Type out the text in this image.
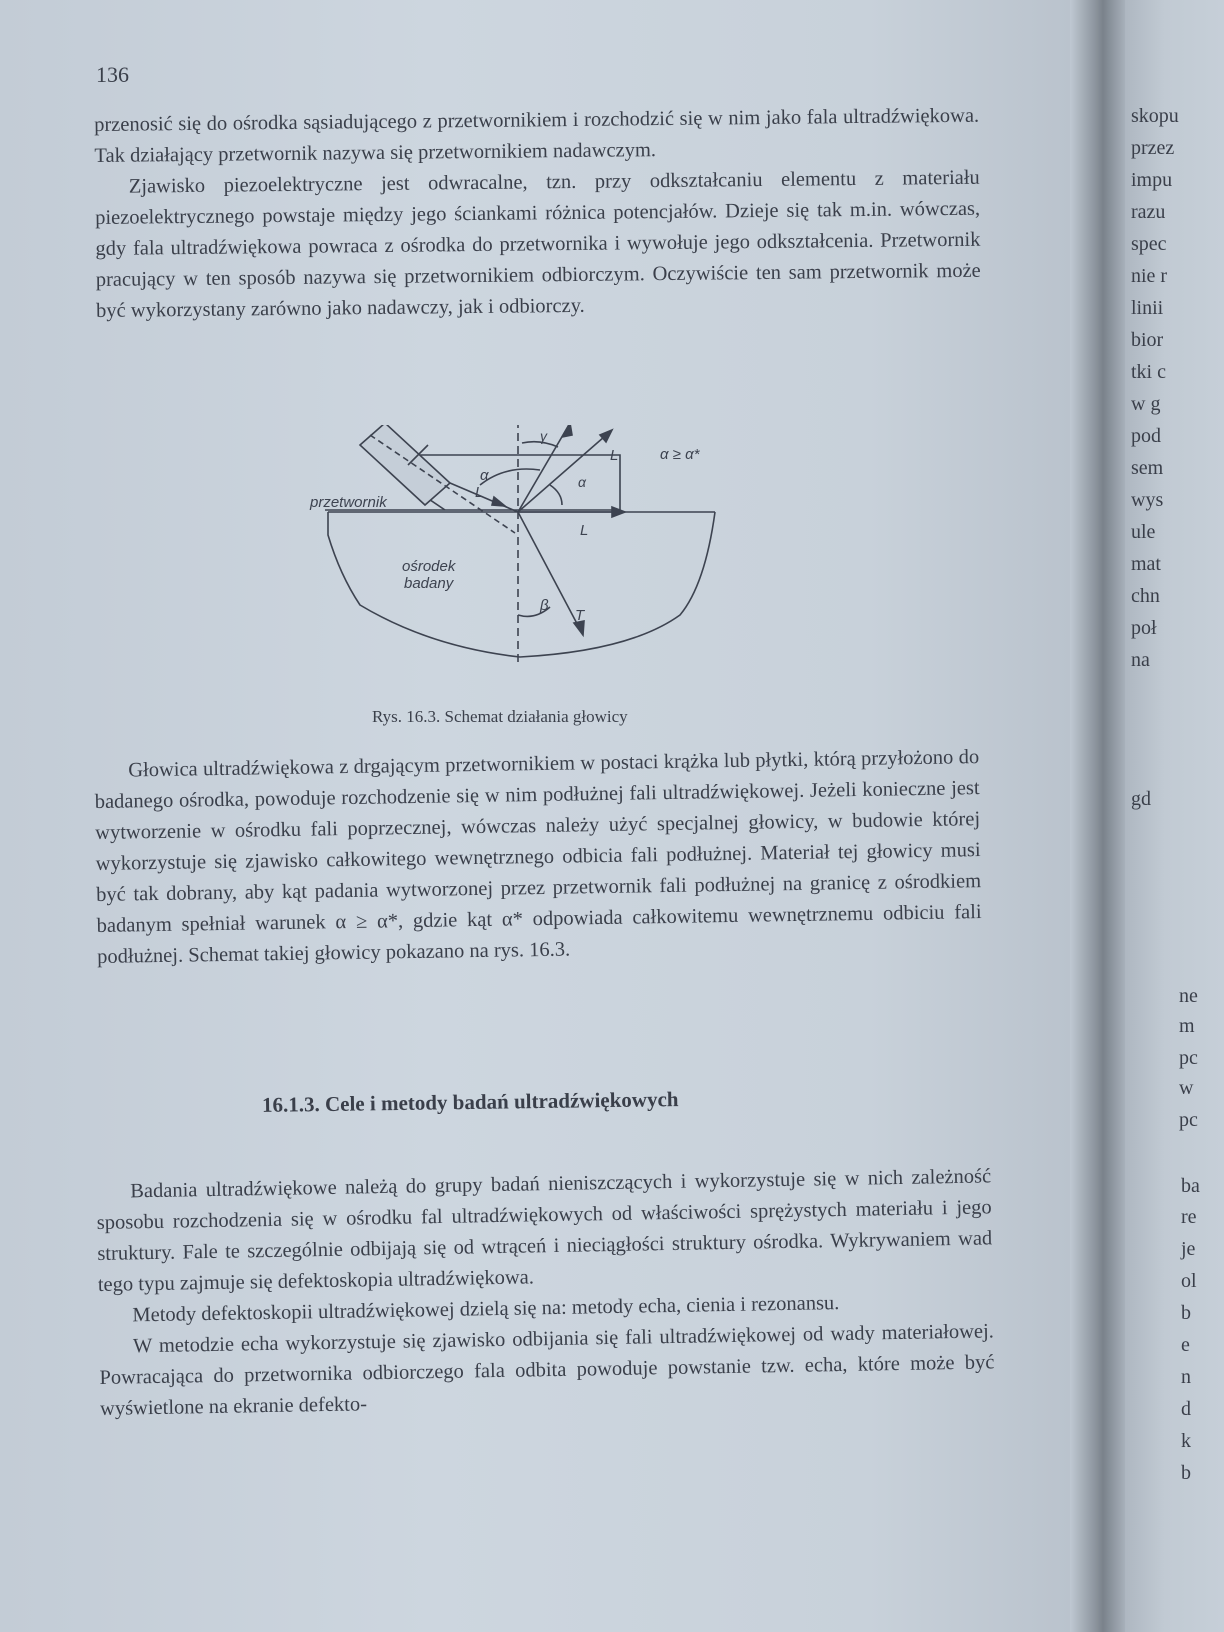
136

przenosić się do ośrodka sąsiadującego z przetwornikiem i rozchodzić się w nim jako fala ultradźwiękowa. Tak działający przetwornik nazywa się przetwornikiem nadawczym.

Zjawisko piezoelektryczne jest odwracalne, tzn. przy odkształcaniu elementu z materiału piezoelektrycznego powstaje między jego ściankami różnica potencjałów. Dzieje się tak m.in. wówczas, gdy fala ultradźwiękowa powraca z ośrodka do przetwornika i wywołuje jego odkształcenia. Przetwornik pracujący w ten sposób nazywa się przetwornikiem odbiorczym. Oczywiście ten sam przetwornik może być wykorzystany zarówno jako nadawczy, jak i odbiorczy.

przetwornik
ośrodek
badany
α ≥ α*
α
γ
β
α
L
L
L
T
Rys. 16.3. Schemat działania głowicy

Głowica ultradźwiękowa z drgającym przetwornikiem w postaci krążka lub płytki, którą przyłożono do badanego ośrodka, powoduje rozchodzenie się w nim podłużnej fali ultradźwiękowej. Jeżeli konieczne jest wytworzenie w ośrodku fali poprzecznej, wówczas należy użyć specjalnej głowicy, w budowie której wykorzystuje się zjawisko całkowitego wewnętrznego odbicia fali podłużnej. Materiał tej głowicy musi być tak dobrany, aby kąt padania wytworzonej przez przetwornik fali podłużnej na granicę z ośrodkiem badanym spełniał warunek α ≥ α*, gdzie kąt α* odpowiada całkowitemu wewnętrznemu odbiciu fali podłużnej. Schemat takiej głowicy pokazano na rys. 16.3.

16.1.3. Cele i metody badań ultradźwiękowych

Badania ultradźwiękowe należą do grupy badań nieniszczących i wykorzystuje się w nich zależność sposobu rozchodzenia się w ośrodku fal ultradźwiękowych od właściwości sprężystych materiału i jego struktury. Fale te szczególnie odbijają się od wtrąceń i nieciągłości struktury ośrodka. Wykrywaniem wad tego typu zajmuje się defektoskopia ultradźwiękowa.

Metody defektoskopii ultradźwiękowej dzielą się na: metody echa, cienia i rezonansu.

W metodzie echa wykorzystuje się zjawisko odbijania się fali ultradźwiękowej od wady materiałowej. Powracająca do przetwornika odbiorczego fala odbita powoduje powstanie tzw. echa, które może być wyświetlone na ekranie defekto-

skopu
przez
impu
razu
spec
nie r
linii
bior
tki c
w g
pod
sem
wys
ule
mat
chn
poł
na
gd
ne
m
pc
w
pc
ba
re
je
ol
b
e
n
d
k
b
